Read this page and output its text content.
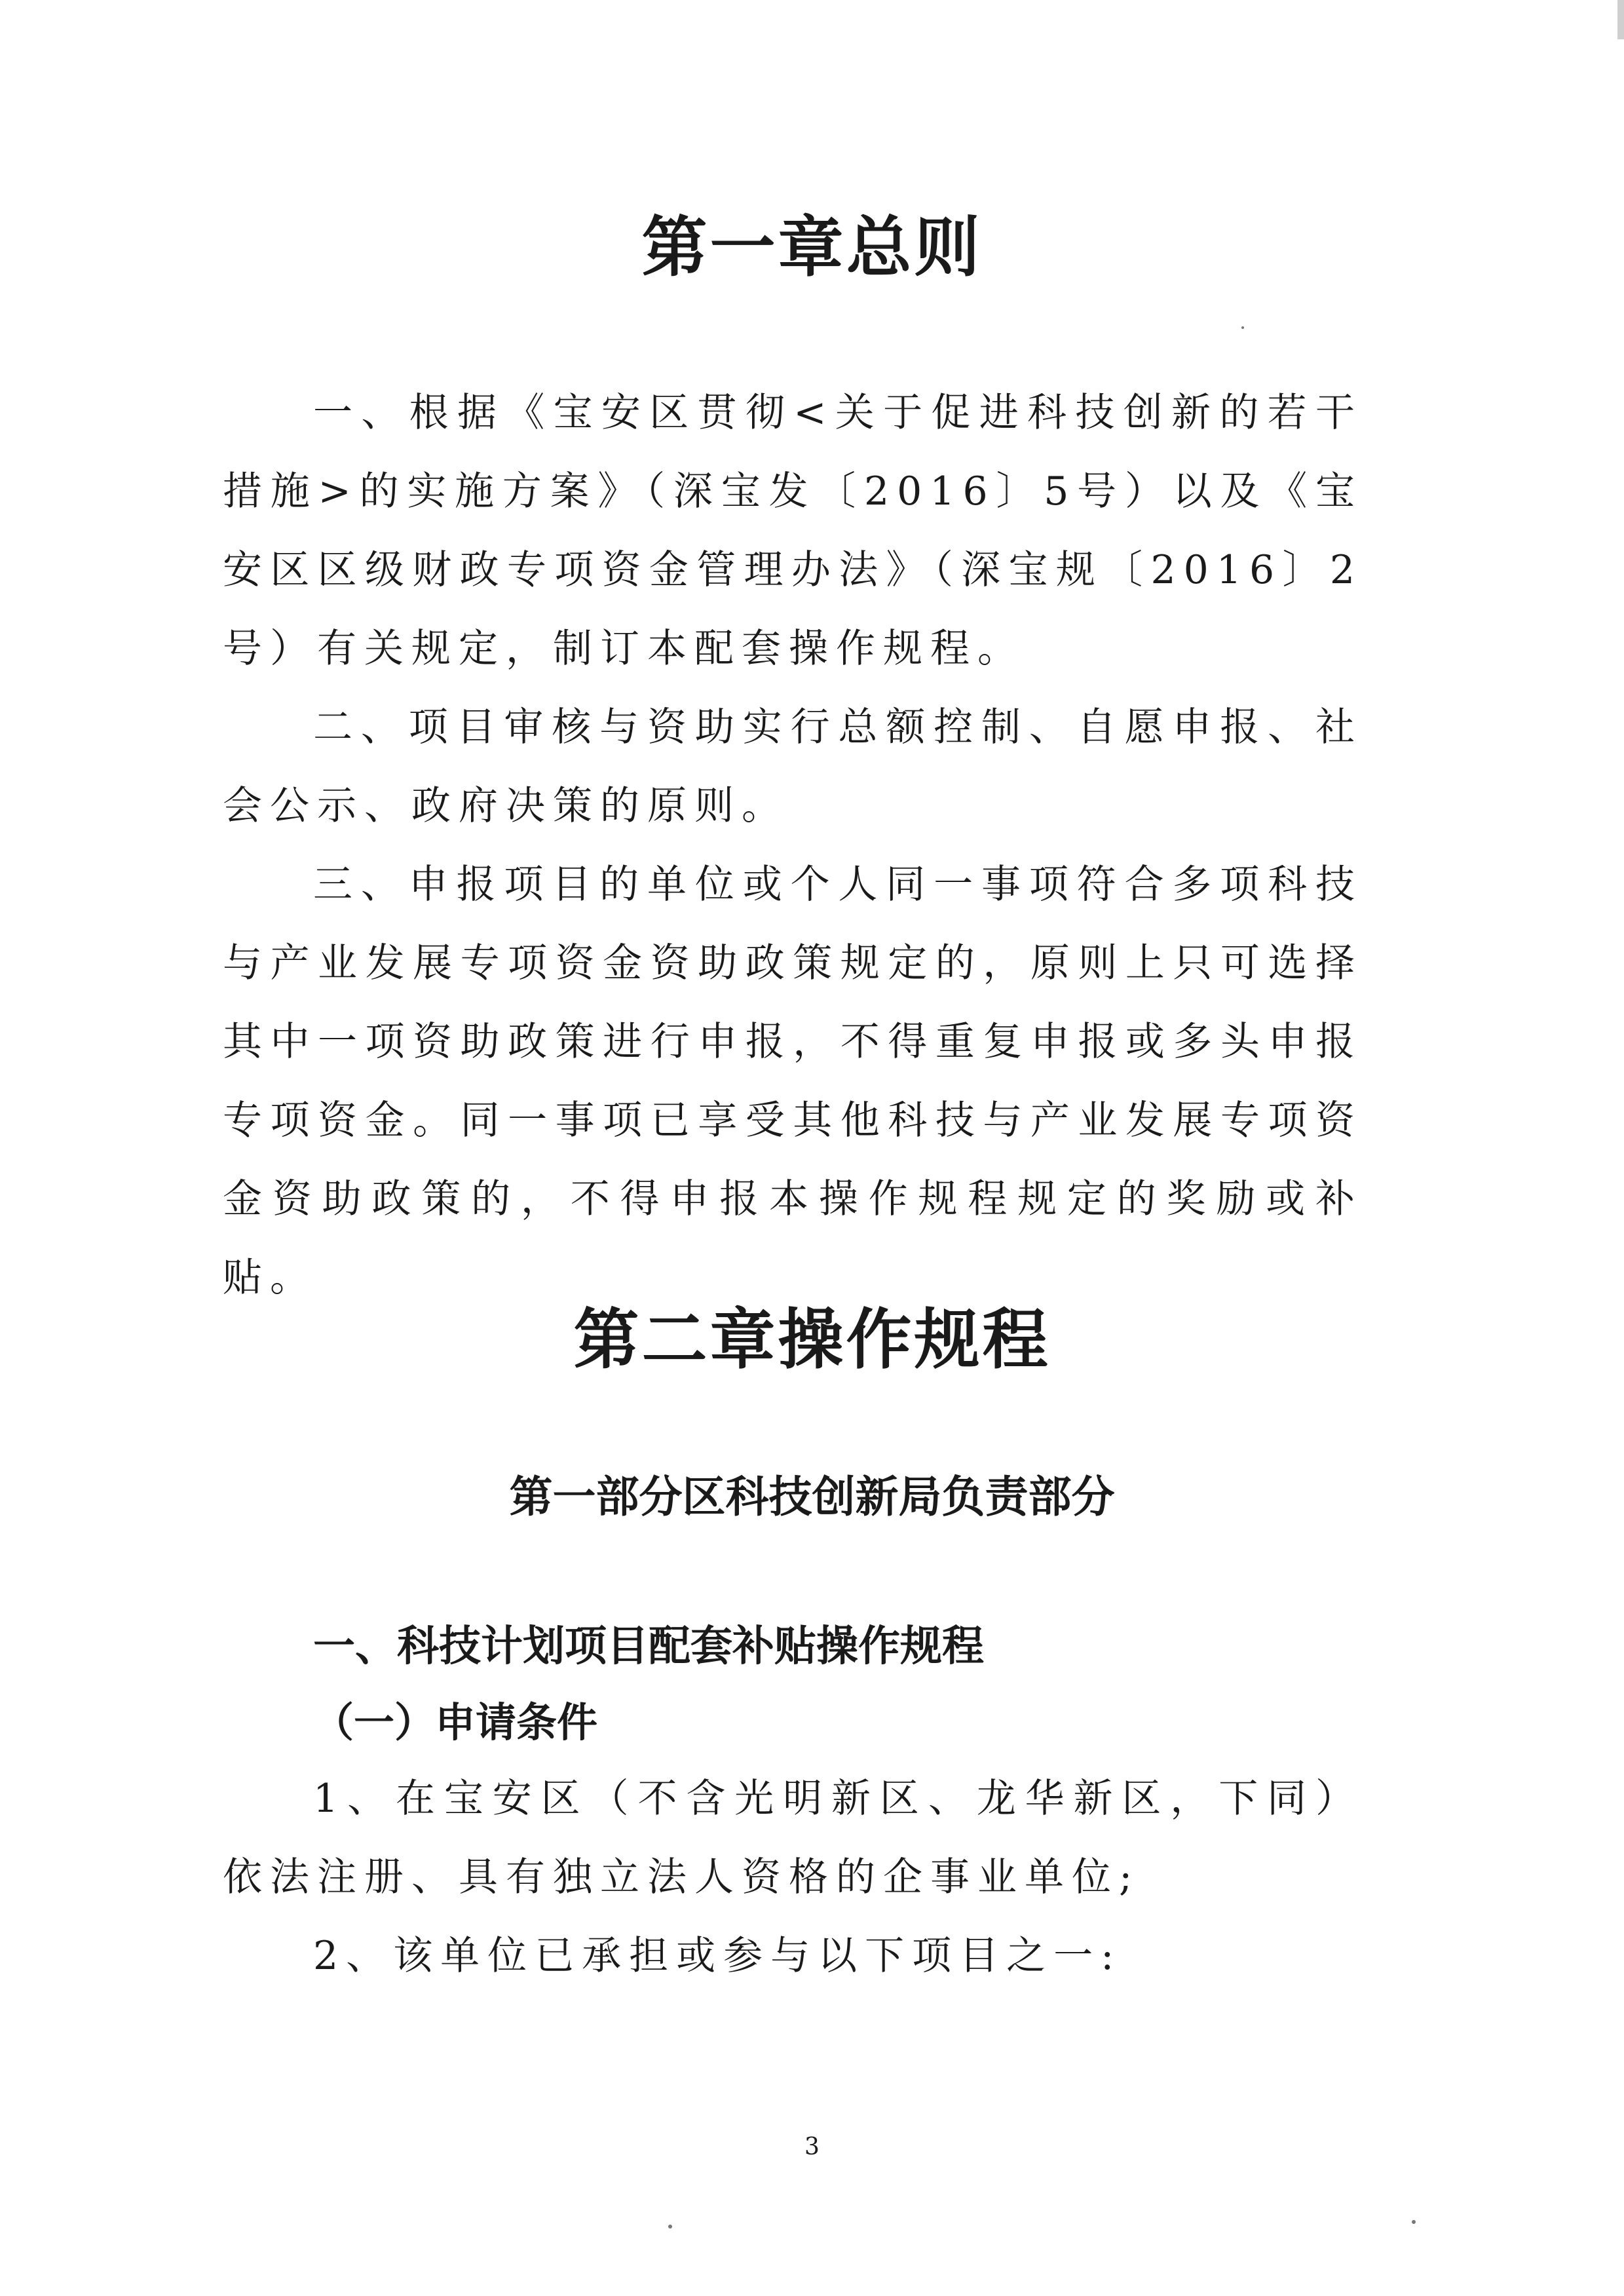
第一章总则

一、根据《宝安区贯彻<关于促进科技创新的若干措施>的实施方案》（深宝发〔2016〕5号）以及《宝安区区级财政专项资金管理办法》（深宝规〔2016〕2号）有关规定，制订本配套操作规程。

二、项目审核与资助实行总额控制、自愿申报、社会公示、政府决策的原则。

三、申报项目的单位或个人同一事项符合多项科技与产业发展专项资金资助政策规定的，原则上只可选择其中一项资助政策进行申报，不得重复申报或多头申报专项资金。同一事项已享受其他科技与产业发展专项资金资助政策的，不得申报本操作规程规定的奖励或补贴。

第二章操作规程
第一部分区科技创新局负责部分
一、科技计划项目配套补贴操作规程
（一）申请条件

1、在宝安区（不含光明新区、龙华新区，下同）依法注册、具有独立法人资格的企事业单位;

2、该单位已承担或参与以下项目之一:

3
